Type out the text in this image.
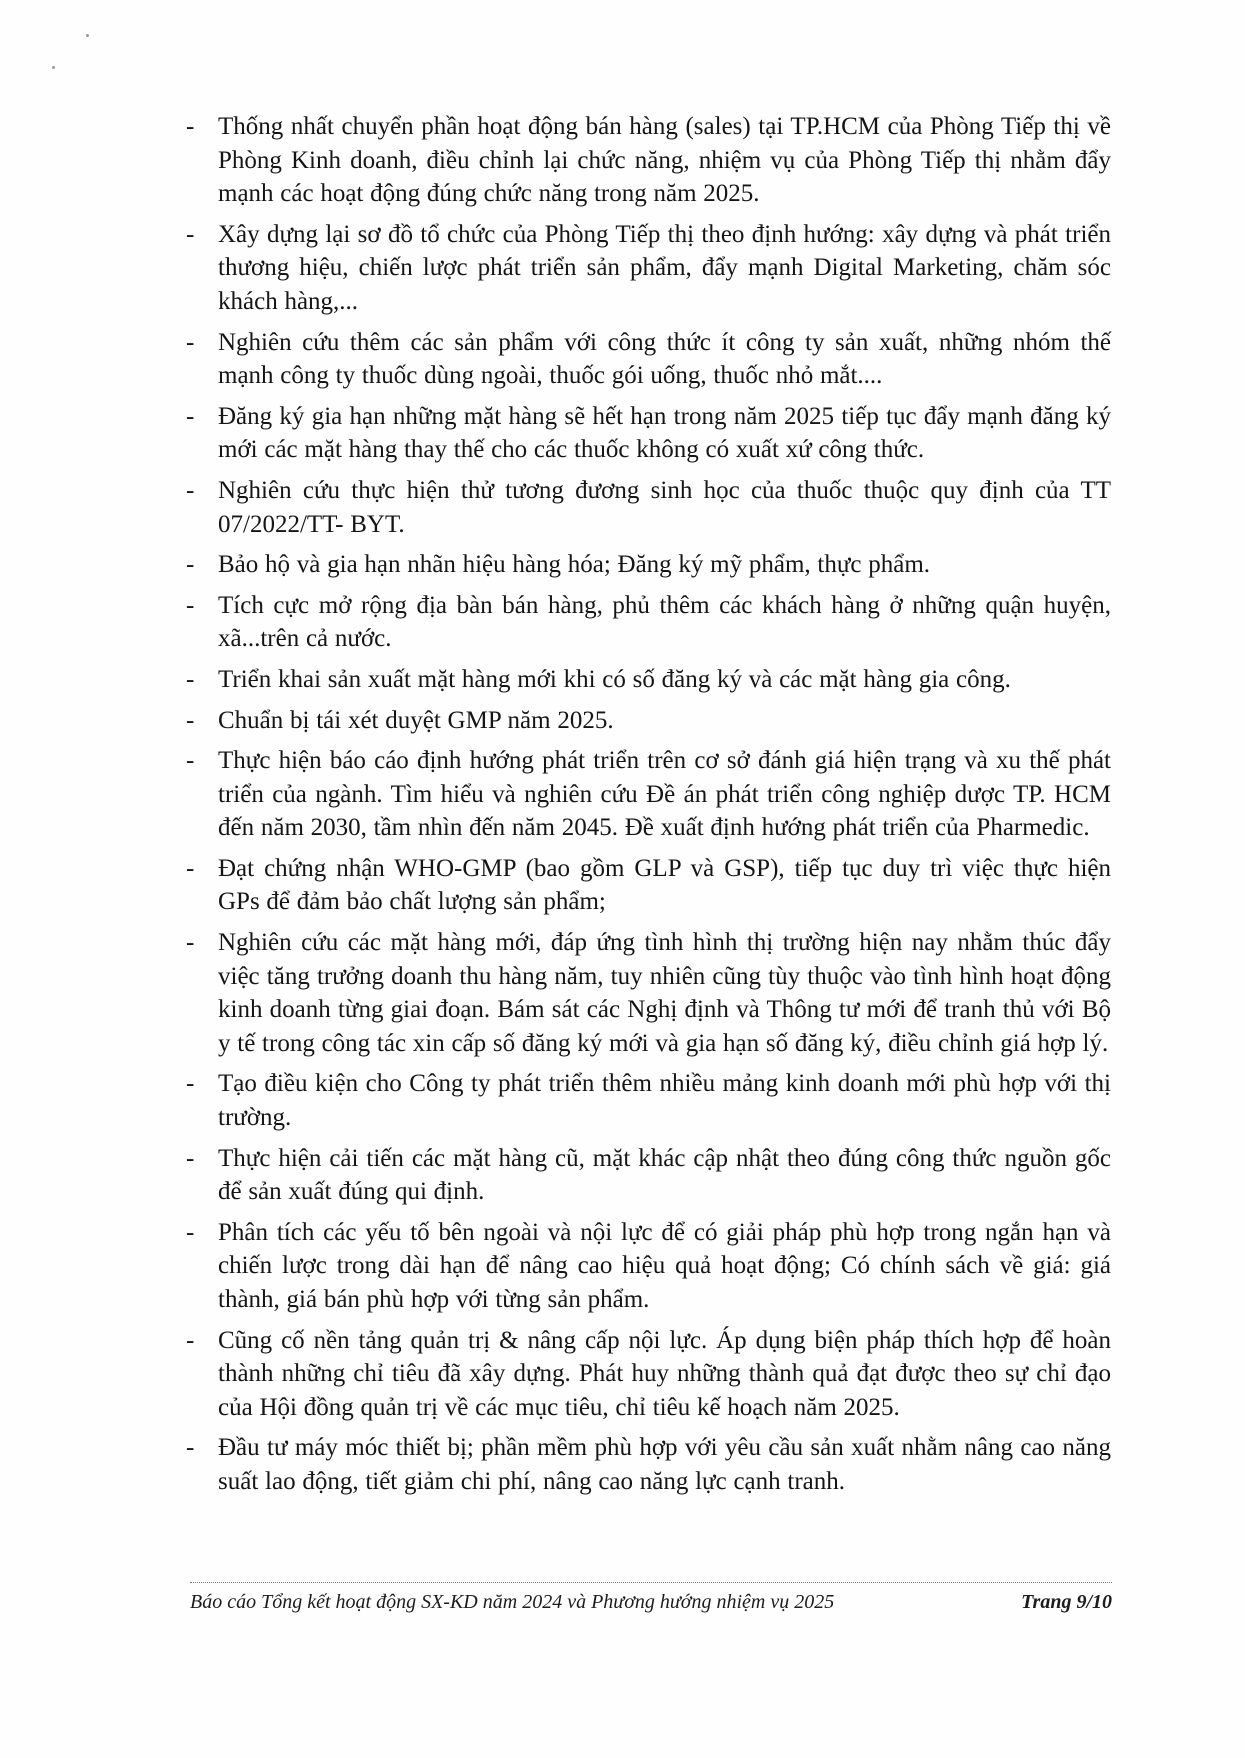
- Thống nhất chuyển phần hoạt động bán hàng (sales) tại TP.HCM của Phòng Tiếp thị về Phòng Kinh doanh, điều chỉnh lại chức năng, nhiệm vụ của Phòng Tiếp thị nhằm đẩy mạnh các hoạt động đúng chức năng trong năm 2025.
- Xây dựng lại sơ đồ tổ chức của Phòng Tiếp thị theo định hướng: xây dựng và phát triển thương hiệu, chiến lược phát triển sản phẩm, đẩy mạnh Digital Marketing, chăm sóc khách hàng,...
- Nghiên cứu thêm các sản phẩm với công thức ít công ty sản xuất, những nhóm thế mạnh công ty thuốc dùng ngoài, thuốc gói uống, thuốc nhỏ mắt....
- Đăng ký gia hạn những mặt hàng sẽ hết hạn trong năm 2025 tiếp tục đẩy mạnh đăng ký mới các mặt hàng thay thế cho các thuốc không có xuất xứ công thức.
- Nghiên cứu thực hiện thử tương đương sinh học của thuốc thuộc quy định của TT 07/2022/TT- BYT.
- Bảo hộ và gia hạn nhãn hiệu hàng hóa; Đăng ký mỹ phẩm, thực phẩm.
- Tích cực mở rộng địa bàn bán hàng, phủ thêm các khách hàng ở những quận huyện, xã...trên cả nước.
- Triển khai sản xuất mặt hàng mới khi có số đăng ký và các mặt hàng gia công.
- Chuẩn bị tái xét duyệt GMP năm 2025.
- Thực hiện báo cáo định hướng phát triển trên cơ sở đánh giá hiện trạng và xu thế phát triển của ngành. Tìm hiểu và nghiên cứu Đề án phát triển công nghiệp dược TP. HCM đến năm 2030, tầm nhìn đến năm 2045. Đề xuất định hướng phát triển của Pharmedic.
- Đạt chứng nhận WHO-GMP (bao gồm GLP và GSP), tiếp tục duy trì việc thực hiện GPs để đảm bảo chất lượng sản phẩm;
- Nghiên cứu các mặt hàng mới, đáp ứng tình hình thị trường hiện nay nhằm thúc đẩy việc tăng trưởng doanh thu hàng năm, tuy nhiên cũng tùy thuộc vào tình hình hoạt động kinh doanh từng giai đoạn. Bám sát các Nghị định và Thông tư mới để tranh thủ với Bộ y tế trong công tác xin cấp số đăng ký mới và gia hạn số đăng ký, điều chỉnh giá hợp lý.
- Tạo điều kiện cho Công ty phát triển thêm nhiều mảng kinh doanh mới phù hợp với thị trường.
- Thực hiện cải tiến các mặt hàng cũ, mặt khác cập nhật theo đúng công thức nguồn gốc để sản xuất đúng qui định.
- Phân tích các yếu tố bên ngoài và nội lực để có giải pháp phù hợp trong ngắn hạn và chiến lược trong dài hạn để nâng cao hiệu quả hoạt động; Có chính sách về giá: giá thành, giá bán phù hợp với từng sản phẩm.
- Cũng cố nền tảng quản trị & nâng cấp nội lực. Áp dụng biện pháp thích hợp để hoàn thành những chỉ tiêu đã xây dựng. Phát huy những thành quả đạt được theo sự chỉ đạo của Hội đồng quản trị về các mục tiêu, chỉ tiêu kế hoạch năm 2025.
- Đầu tư máy móc thiết bị; phần mềm phù hợp với yêu cầu sản xuất nhằm nâng cao năng suất lao động, tiết giảm chi phí, nâng cao năng lực cạnh tranh.
Báo cáo Tổng kết hoạt động SX-KD năm 2024 và Phương hướng nhiệm vụ 2025	Trang 9/10
